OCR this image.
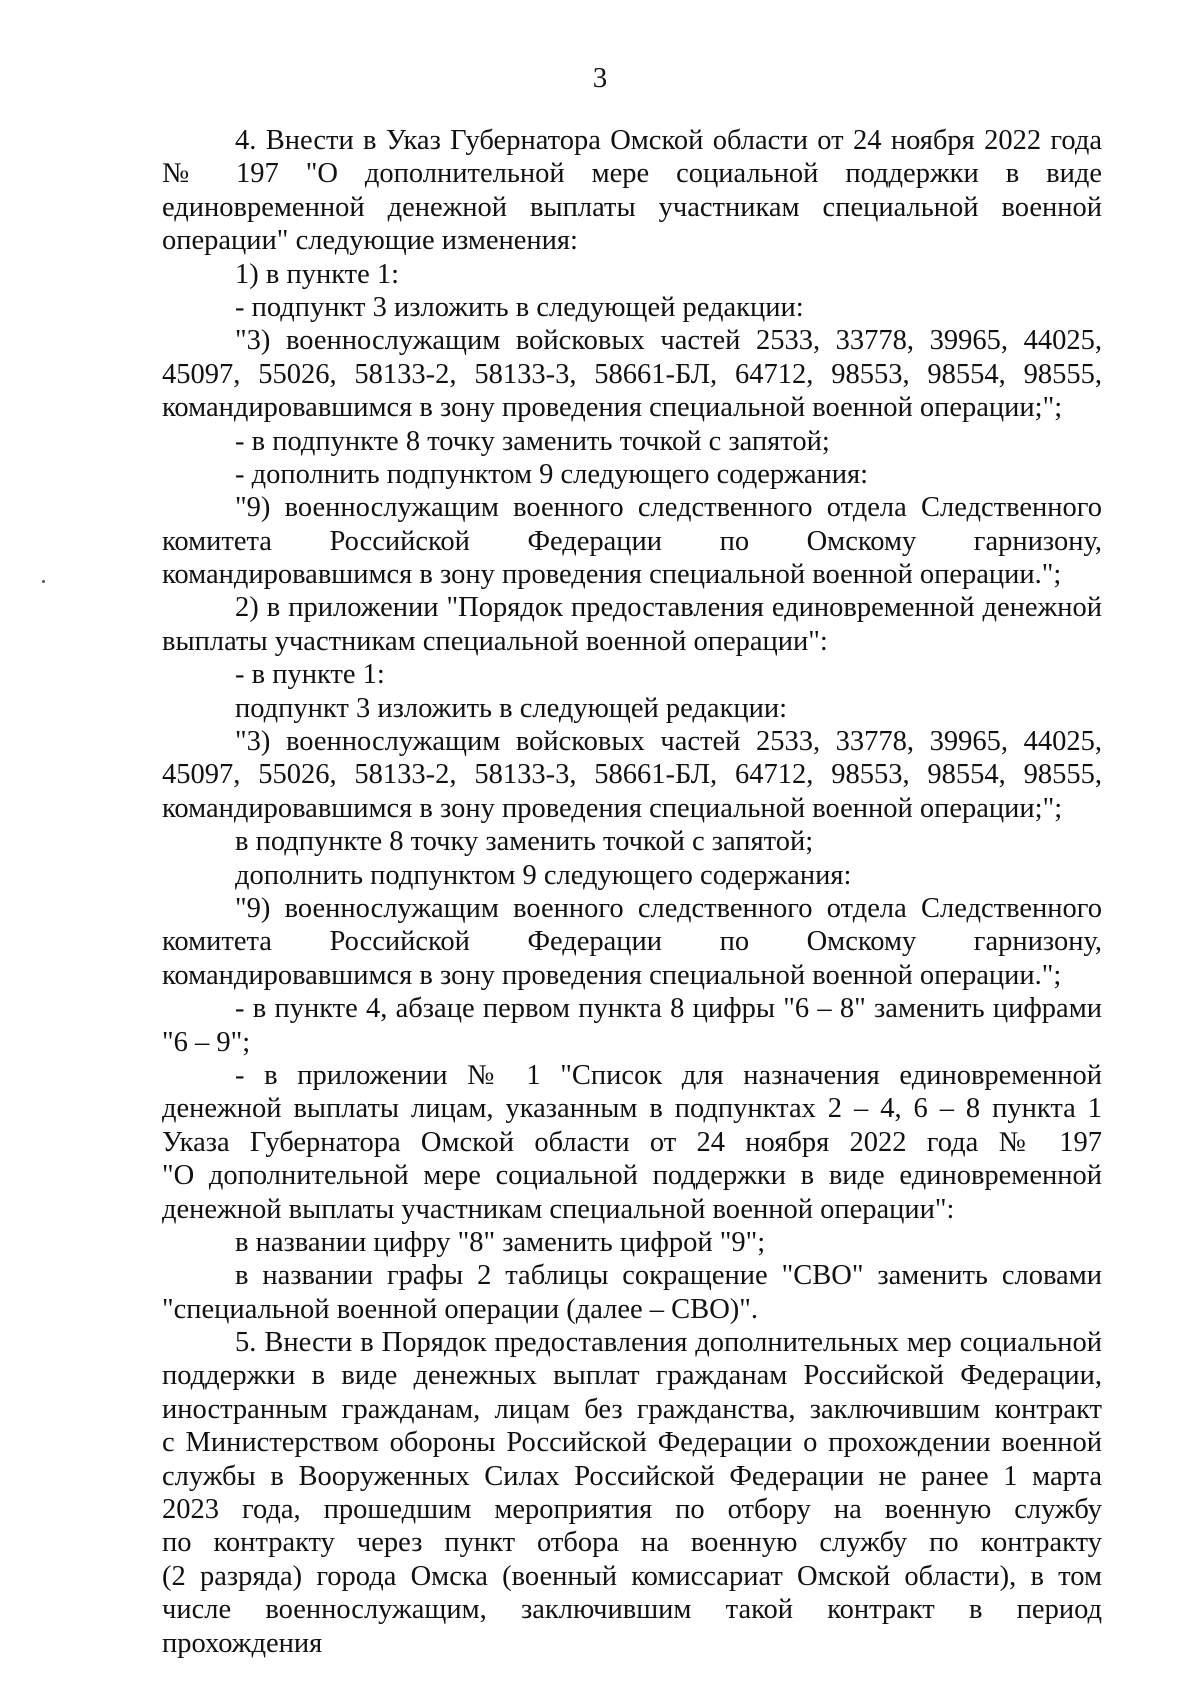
3
4. Внести в Указ Губернатора Омской области от 24 ноября 2022 года
№ 197 "О дополнительной мере социальной поддержки в виде
единовременной денежной выплаты участникам специальной военной
операции" следующие изменения:
1) в пункте 1:
- подпункт 3 изложить в следующей редакции:
"3) военнослужащим войсковых частей 2533, 33778, 39965, 44025,
45097, 55026, 58133-2, 58133-3, 58661-БЛ, 64712, 98553, 98554, 98555,
командировавшимся в зону проведения специальной военной операции;";
- в подпункте 8 точку заменить точкой с запятой;
- дополнить подпунктом 9 следующего содержания:
"9) военнослужащим военного следственного отдела Следственного
комитета Российской Федерации по Омскому гарнизону,
командировавшимся в зону проведения специальной военной операции.";
2) в приложении "Порядок предоставления единовременной денежной
выплаты участникам специальной военной операции":
- в пункте 1:
подпункт 3 изложить в следующей редакции:
"3) военнослужащим войсковых частей 2533, 33778, 39965, 44025,
45097, 55026, 58133-2, 58133-3, 58661-БЛ, 64712, 98553, 98554, 98555,
командировавшимся в зону проведения специальной военной операции;";
в подпункте 8 точку заменить точкой с запятой;
дополнить подпунктом 9 следующего содержания:
"9) военнослужащим военного следственного отдела Следственного
комитета Российской Федерации по Омскому гарнизону,
командировавшимся в зону проведения специальной военной операции.";
- в пункте 4, абзаце первом пункта 8 цифры "6 – 8" заменить цифрами
"6 – 9";
- в приложении № 1 "Список для назначения единовременной
денежной выплаты лицам, указанным в подпунктах 2 – 4, 6 – 8 пункта 1
Указа Губернатора Омской области от 24 ноября 2022 года № 197
"О дополнительной мере социальной поддержки в виде единовременной
денежной выплаты участникам специальной военной операции":
в названии цифру "8" заменить цифрой "9";
в названии графы 2 таблицы сокращение "СВО" заменить словами
"специальной военной операции (далее – СВО)".
5. Внести в Порядок предоставления дополнительных мер социальной
поддержки в виде денежных выплат гражданам Российской Федерации,
иностранным гражданам, лицам без гражданства, заключившим контракт
с Министерством обороны Российской Федерации о прохождении военной
службы в Вооруженных Силах Российской Федерации не ранее 1 марта
2023 года, прошедшим мероприятия по отбору на военную службу
по контракту через пункт отбора на военную службу по контракту
(2 разряда) города Омска (военный комиссариат Омской области), в том
числе военнослужащим, заключившим такой контракт в период прохождения
